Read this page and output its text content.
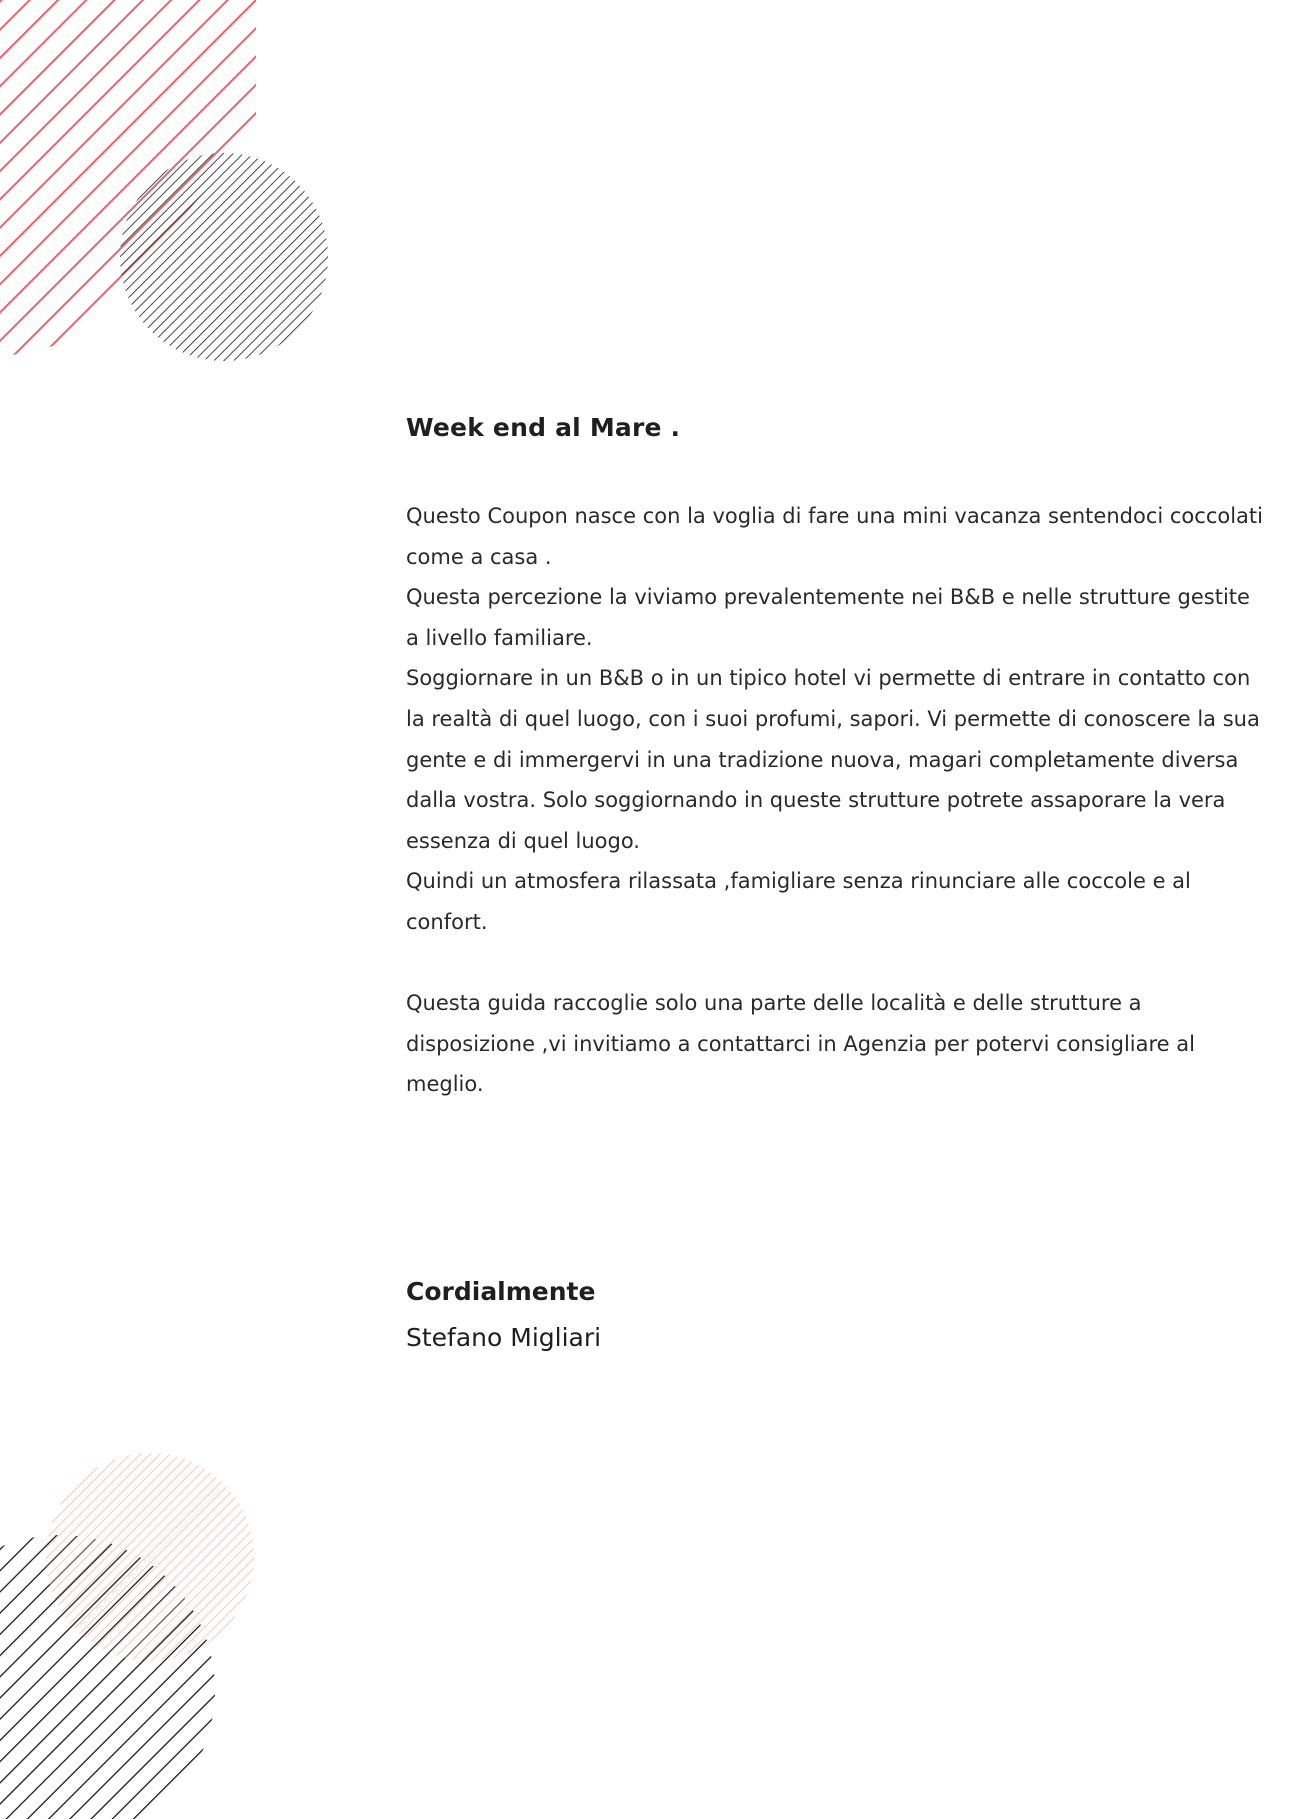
Week end al Mare .

Questo Coupon nasce con la voglia di fare una mini vacanza sentendoci coccolati come a casa .

Questa percezione la viviamo prevalentemente nei B&B e nelle strutture gestite a livello familiare.

Soggiornare in un B&B o in un tipico hotel vi permette di entrare in contatto con la realtà di quel luogo, con i suoi profumi, sapori. Vi permette di conoscere la sua gente e di immergervi in una tradizione nuova, magari completamente diversa dalla vostra. Solo soggiornando in queste strutture potrete assaporare la vera essenza di quel luogo.

Quindi un atmosfera rilassata ,famigliare senza rinunciare alle coccole e al confort.

Questa guida raccoglie solo una parte delle località e delle strutture a disposizione ,vi invitiamo a contattarci in Agenzia per potervi consigliare al meglio.

Cordialmente

Stefano Migliari
